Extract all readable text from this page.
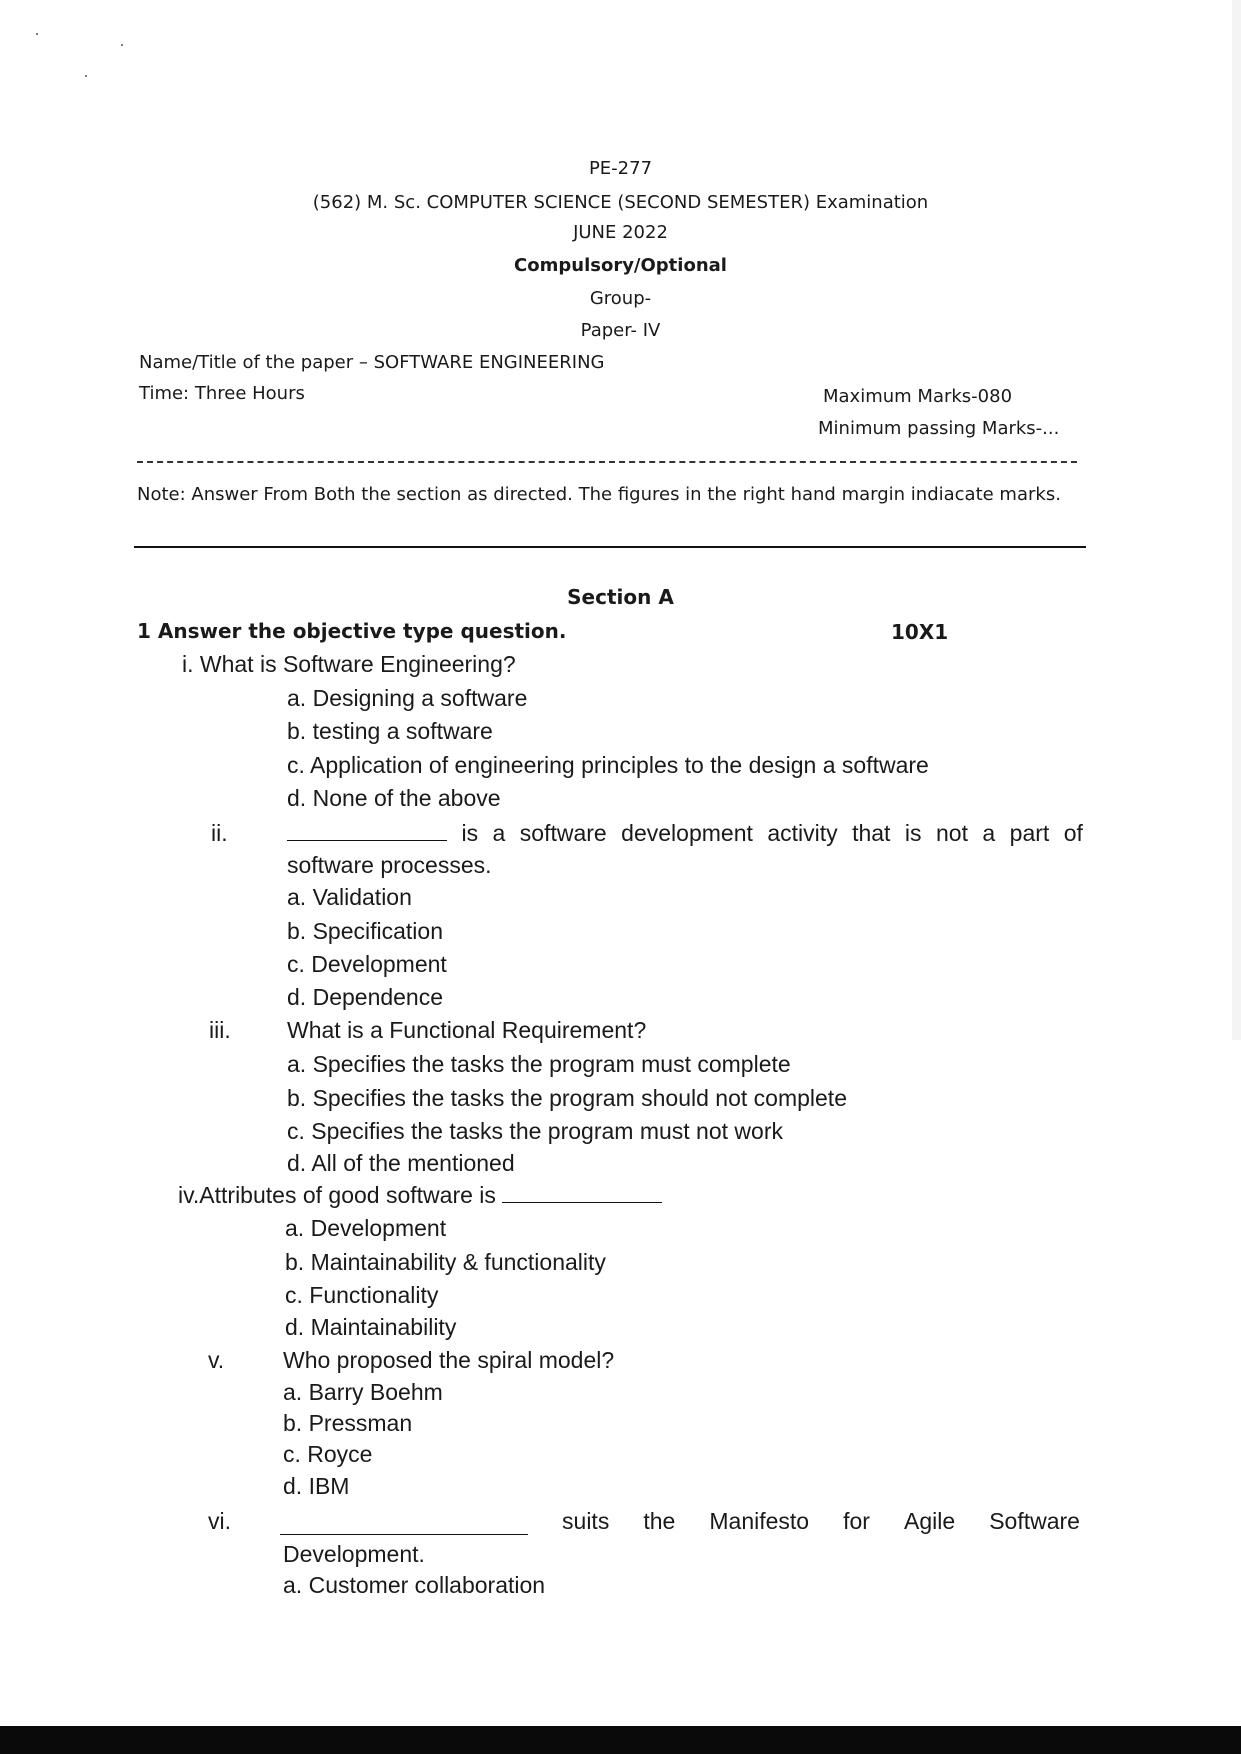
PE-277
(562) M. Sc. COMPUTER SCIENCE (SECOND SEMESTER) Examination
JUNE 2022
Compulsory/Optional
Group-
Paper- IV
Name/Title of the paper – SOFTWARE ENGINEERING
Time: Three Hours	Maximum Marks-080
Minimum passing Marks-...
Note: Answer From Both the section as directed. The figures in the right hand margin indiacate marks.
Section A
1 Answer the objective type question.	10X1
i. What is Software Engineering?
a. Designing a software
b. testing a software
c. Application of engineering principles to the design a software
d. None of the above
ii.	is a software development activity that is not a part of
software processes.
a. Validation
b. Specification
c. Development
d. Dependence
iii. What is a Functional Requirement?
a. Specifies the tasks the program must complete
b. Specifies the tasks the program should not complete
c. Specifies the tasks the program must not work
d. All of the mentioned
iv.Attributes of good software is
a. Development
b. Maintainability & functionality
c. Functionality
d. Maintainability
v.	Who proposed the spiral model?
a. Barry Boehm
b. Pressman
c. Royce
d. IBM
vi.	suits the Manifesto for Agile Software
Development.
a. Customer collaboration
